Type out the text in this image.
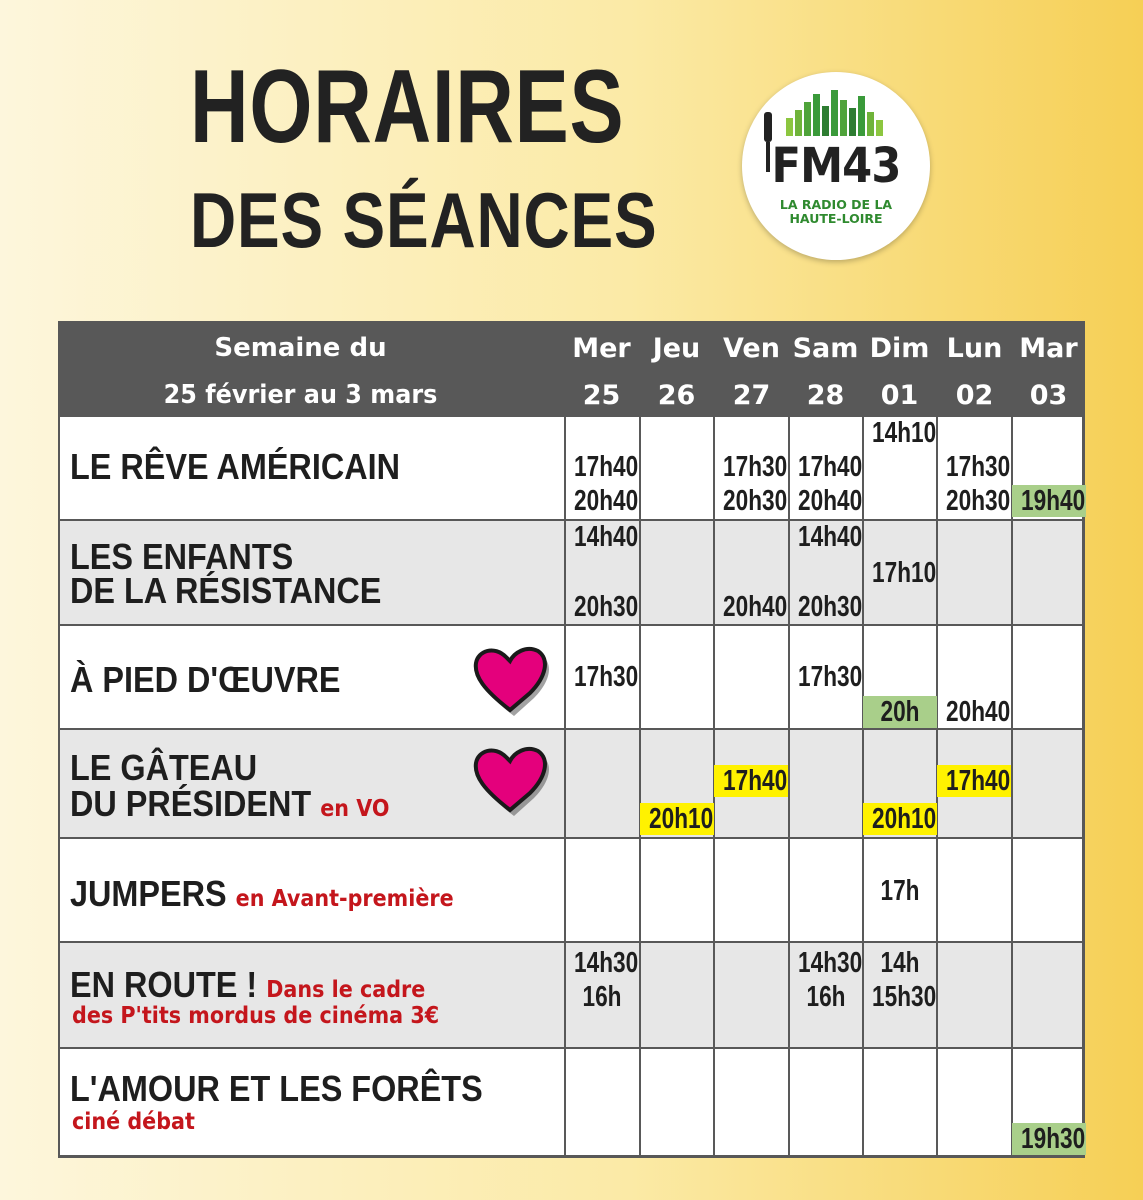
HORAIRES
DES SÉANCES
FM43
LA RADIO DE LA
HAUTE-LOIRE
Semaine du
25 février au 3 mars
Mer
25
Jeu
26
Ven
27
Sam
28
Dim
01
Lun
02
Mar
03
LE RÊVE AMÉRICAIN
LES ENFANTS
DE LA RÉSISTANCE
À PIED D'ŒUVRE
LE GÂTEAU
DU PRÉSIDENT en VO
JUMPERS en Avant-première
EN ROUTE ! Dans le cadre
des P'tits mordus de cinéma 3€
L'AMOUR ET LES FORÊTS
ciné débat
14h10
17h40
20h40
17h30
20h30
17h40
20h40
17h30
20h30 19h40
14h40
20h30	20h40
14h40
20h30
17h10
17h30	17h30
20h 20h40
20h10
17h40
20h10
17h40
17h
14h30
16h
14h30
16h
14h
15h30
19h30
